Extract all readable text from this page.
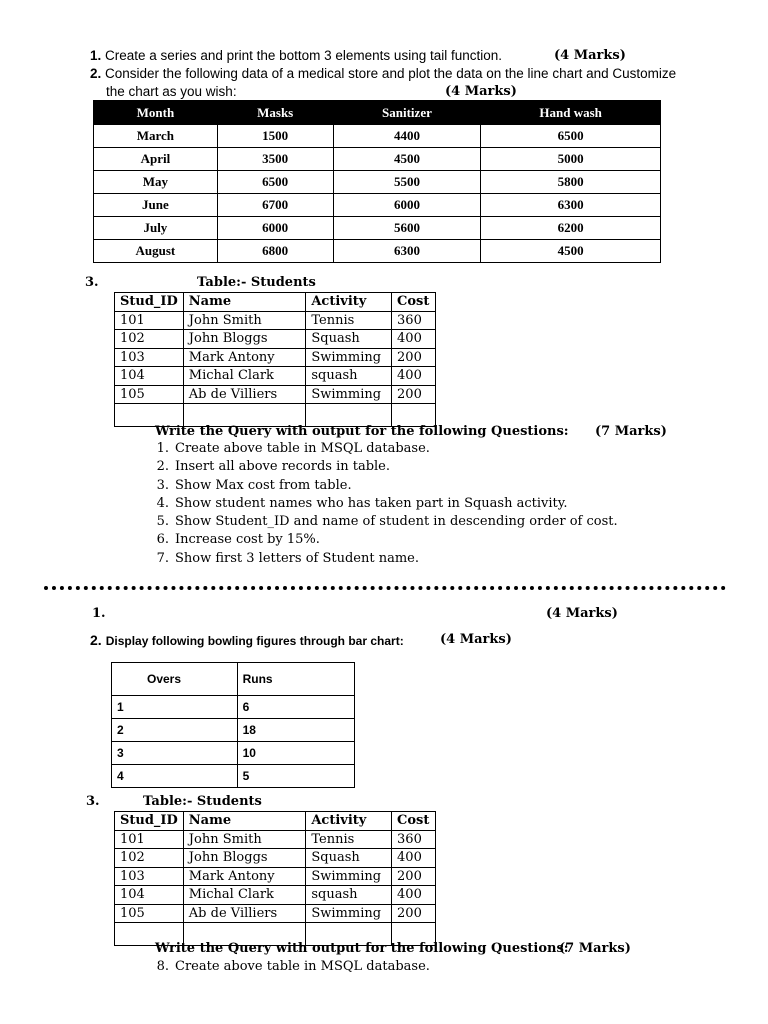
1. Create a series and print the bottom 3 elements using tail function.	(4 Marks)
2. Consider the following data of a medical store and plot the data on the line chart and Customize
the chart as you wish:	(4 Marks)
Month	Masks	Sanitizer	Hand wash
March	1500	4400	6500
April	3500	4500	5000
May	6500	5500	5800
June	6700	6000	6300
July	6000	5600	6200
August	6800	6300	4500
3.	Table:- Students
Stud_ID	Name	Activity	Cost
101	John Smith	Tennis	360
102	John Bloggs	Squash	400
103	Mark Antony	Swimming	200
104	Michal Clark	squash	400
105	Ab de Villiers	Swimming	200

Write the Query with output for the following Questions: (7 Marks)
1. Create above table in MSQL database.
2. Insert all above records in table.
3. Show Max cost from table.
4. Show student names who has taken part in Squash activity.
5. Show Student_ID and name of student in descending order of cost.
6. Increase cost by 15%.
7. Show first 3 letters of Student name.
1.	(4 Marks)
2. Display following bowling figures through bar chart:	(4 Marks)
Overs	Runs
1	6
2	18
3	10
4	5
3.	Table:- Students
Stud_ID	Name	Activity	Cost
101	John Smith	Tennis	360
102	John Bloggs	Squash	400
103	Mark Antony	Swimming	200
104	Michal Clark	squash	400
105	Ab de Villiers	Swimming	200

Write the Query with output for the following Questions:
(7 Marks)
8. Create above table in MSQL database.
